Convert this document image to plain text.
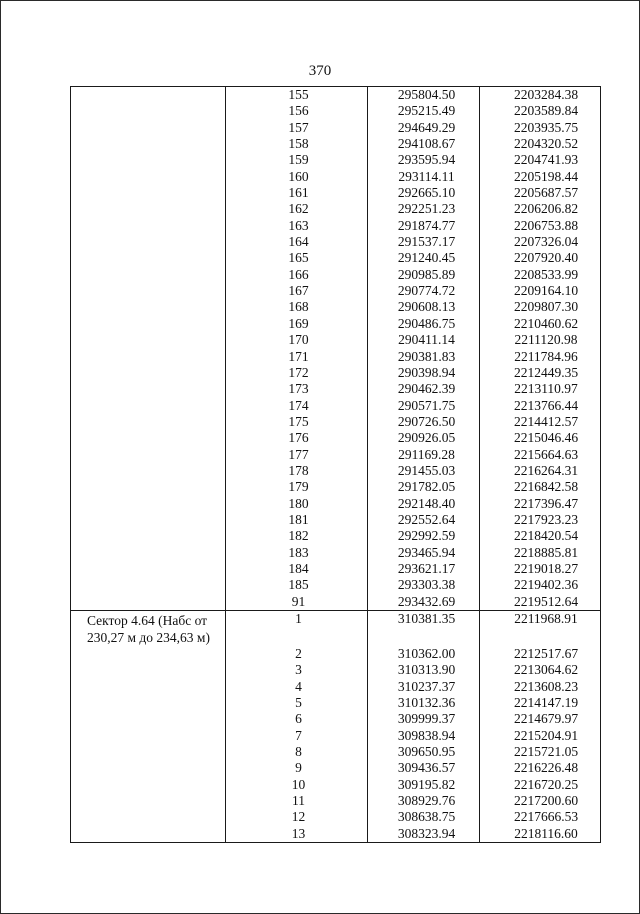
370
	155	295804.50	2203284.38
	156	295215.49	2203589.84
	157	294649.29	2203935.75
	158	294108.67	2204320.52
	159	293595.94	2204741.93
	160	293114.11	2205198.44
	161	292665.10	2205687.57
	162	292251.23	2206206.82
	163	291874.77	2206753.88
	164	291537.17	2207326.04
	165	291240.45	2207920.40
	166	290985.89	2208533.99
	167	290774.72	2209164.10
	168	290608.13	2209807.30
	169	290486.75	2210460.62
	170	290411.14	2211120.98
	171	290381.83	2211784.96
	172	290398.94	2212449.35
	173	290462.39	2213110.97
	174	290571.75	2213766.44
	175	290726.50	2214412.57
	176	290926.05	2215046.46
	177	291169.28	2215664.63
	178	291455.03	2216264.31
	179	291782.05	2216842.58
	180	292148.40	2217396.47
	181	292552.64	2217923.23
	182	292992.59	2218420.54
	183	293465.94	2218885.81
	184	293621.17	2219018.27
	185	293303.38	2219402.36
	91	293432.69	2219512.64

Сектор 4.64 (Набс от
230,27 м до 234,63 м)	1	310381.35	2211968.91
	2	310362.00	2212517.67
	3	310313.90	2213064.62
	4	310237.37	2213608.23
	5	310132.36	2214147.19
	6	309999.37	2214679.97
	7	309838.94	2215204.91
	8	309650.95	2215721.05
	9	309436.57	2216226.48
	10	309195.82	2216720.25
	11	308929.76	2217200.60
	12	308638.75	2217666.53
	13	308323.94	2218116.60
